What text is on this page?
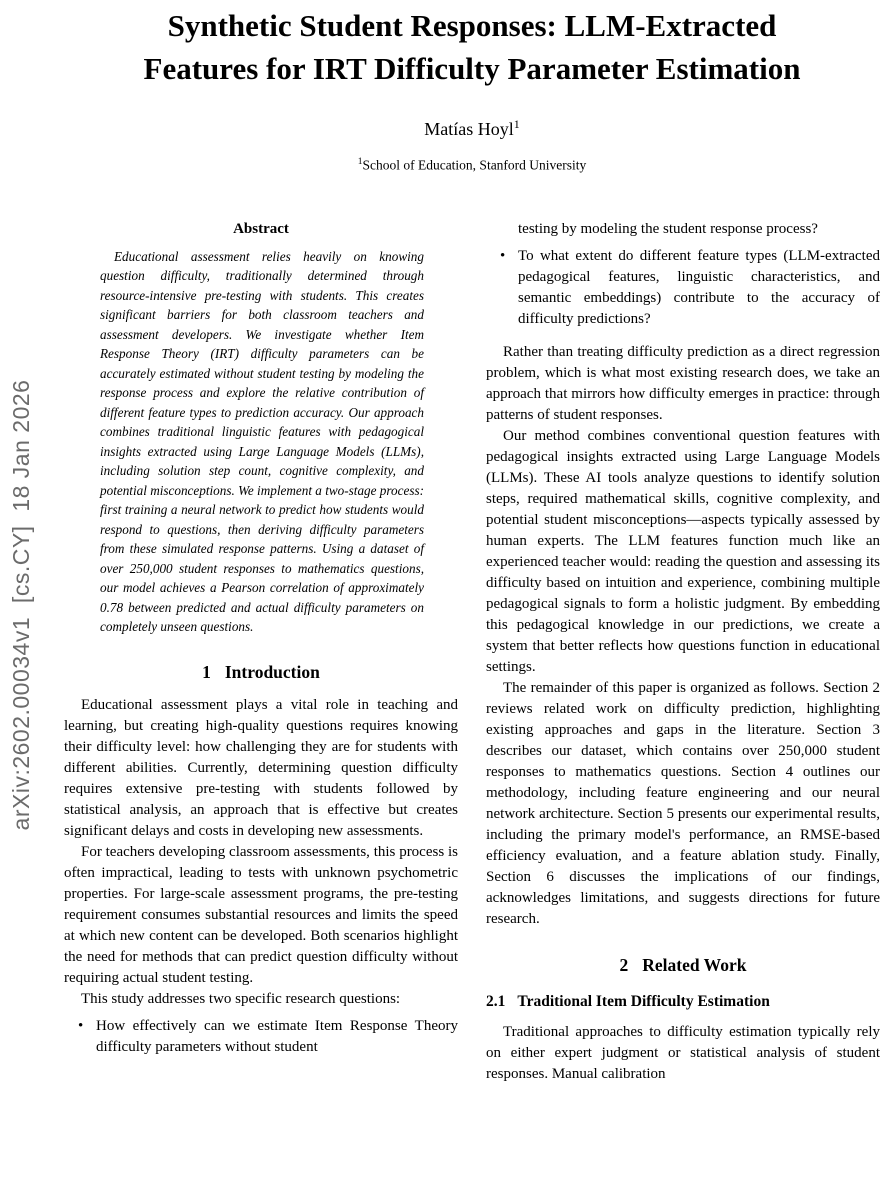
arXiv:2602.00034v1  [cs.CY]  18 Jan 2026
Synthetic Student Responses: LLM-Extracted
Features for IRT Difficulty Parameter Estimation
Matías Hoyl$^1$
$^1$School of Education, Stanford University
Abstract
Educational assessment relies heavily on knowing question difficulty, traditionally determined through resource-intensive pre-testing with students. This creates significant barriers for both classroom teachers and assessment developers. We investigate whether Item Response Theory (IRT) difficulty parameters can be accurately estimated without student testing by modeling the response process and explore the relative contribution of different feature types to prediction accuracy. Our approach combines traditional linguistic features with pedagogical insights extracted using Large Language Models (LLMs), including solution step count, cognitive complexity, and potential misconceptions. We implement a two-stage process: first training a neural network to predict how students would respond to questions, then deriving difficulty parameters from these simulated response patterns. Using a dataset of over 250,000 student responses to mathematics questions, our model achieves a Pearson correlation of approximately 0.78 between predicted and actual difficulty parameters on completely unseen questions.
1 Introduction

Educational assessment plays a vital role in teaching and learning, but creating high-quality questions requires knowing their difficulty level: how challenging they are for students with different abilities. Currently, determining question difficulty requires extensive pre-testing with students followed by statistical analysis, an approach that is effective but creates significant delays and costs in developing new assessments.

For teachers developing classroom assessments, this process is often impractical, leading to tests with unknown psychometric properties. For large-scale assessment programs, the pre-testing requirement consumes substantial resources and limits the speed at which new content can be developed. Both scenarios highlight the need for methods that can predict question difficulty without requiring actual student testing.

This study addresses two specific research questions:

• How effectively can we estimate Item Response Theory difficulty parameters without student
testing by modeling the student response process?
• To what extent do different feature types (LLM-extracted pedagogical features, linguistic characteristics, and semantic embeddings) contribute to the accuracy of difficulty predictions?

Rather than treating difficulty prediction as a direct regression problem, which is what most existing research does, we take an approach that mirrors how difficulty emerges in practice: through patterns of student responses.

Our method combines conventional question features with pedagogical insights extracted using Large Language Models (LLMs). These AI tools analyze questions to identify solution steps, required mathematical skills, cognitive complexity, and potential student misconceptions—aspects typically assessed by human experts. The LLM features function much like an experienced teacher would: reading the question and assessing its difficulty based on intuition and experience, combining multiple pedagogical signals to form a holistic judgment. By embedding this pedagogical knowledge in our predictions, we create a system that better reflects how questions function in educational settings.

The remainder of this paper is organized as follows. Section 2 reviews related work on difficulty prediction, highlighting existing approaches and gaps in the literature. Section 3 describes our dataset, which contains over 250,000 student responses to mathematics questions. Section 4 outlines our methodology, including feature engineering and our neural network architecture. Section 5 presents our experimental results, including the primary model's performance, an RMSE-based efficiency evaluation, and a feature ablation study. Finally, Section 6 discusses the implications of our findings, acknowledges limitations, and suggests directions for future research.

2 Related Work
2.1 Traditional Item Difficulty Estimation

Traditional approaches to difficulty estimation typically rely on either expert judgment or statistical analysis of student responses. Manual calibration
